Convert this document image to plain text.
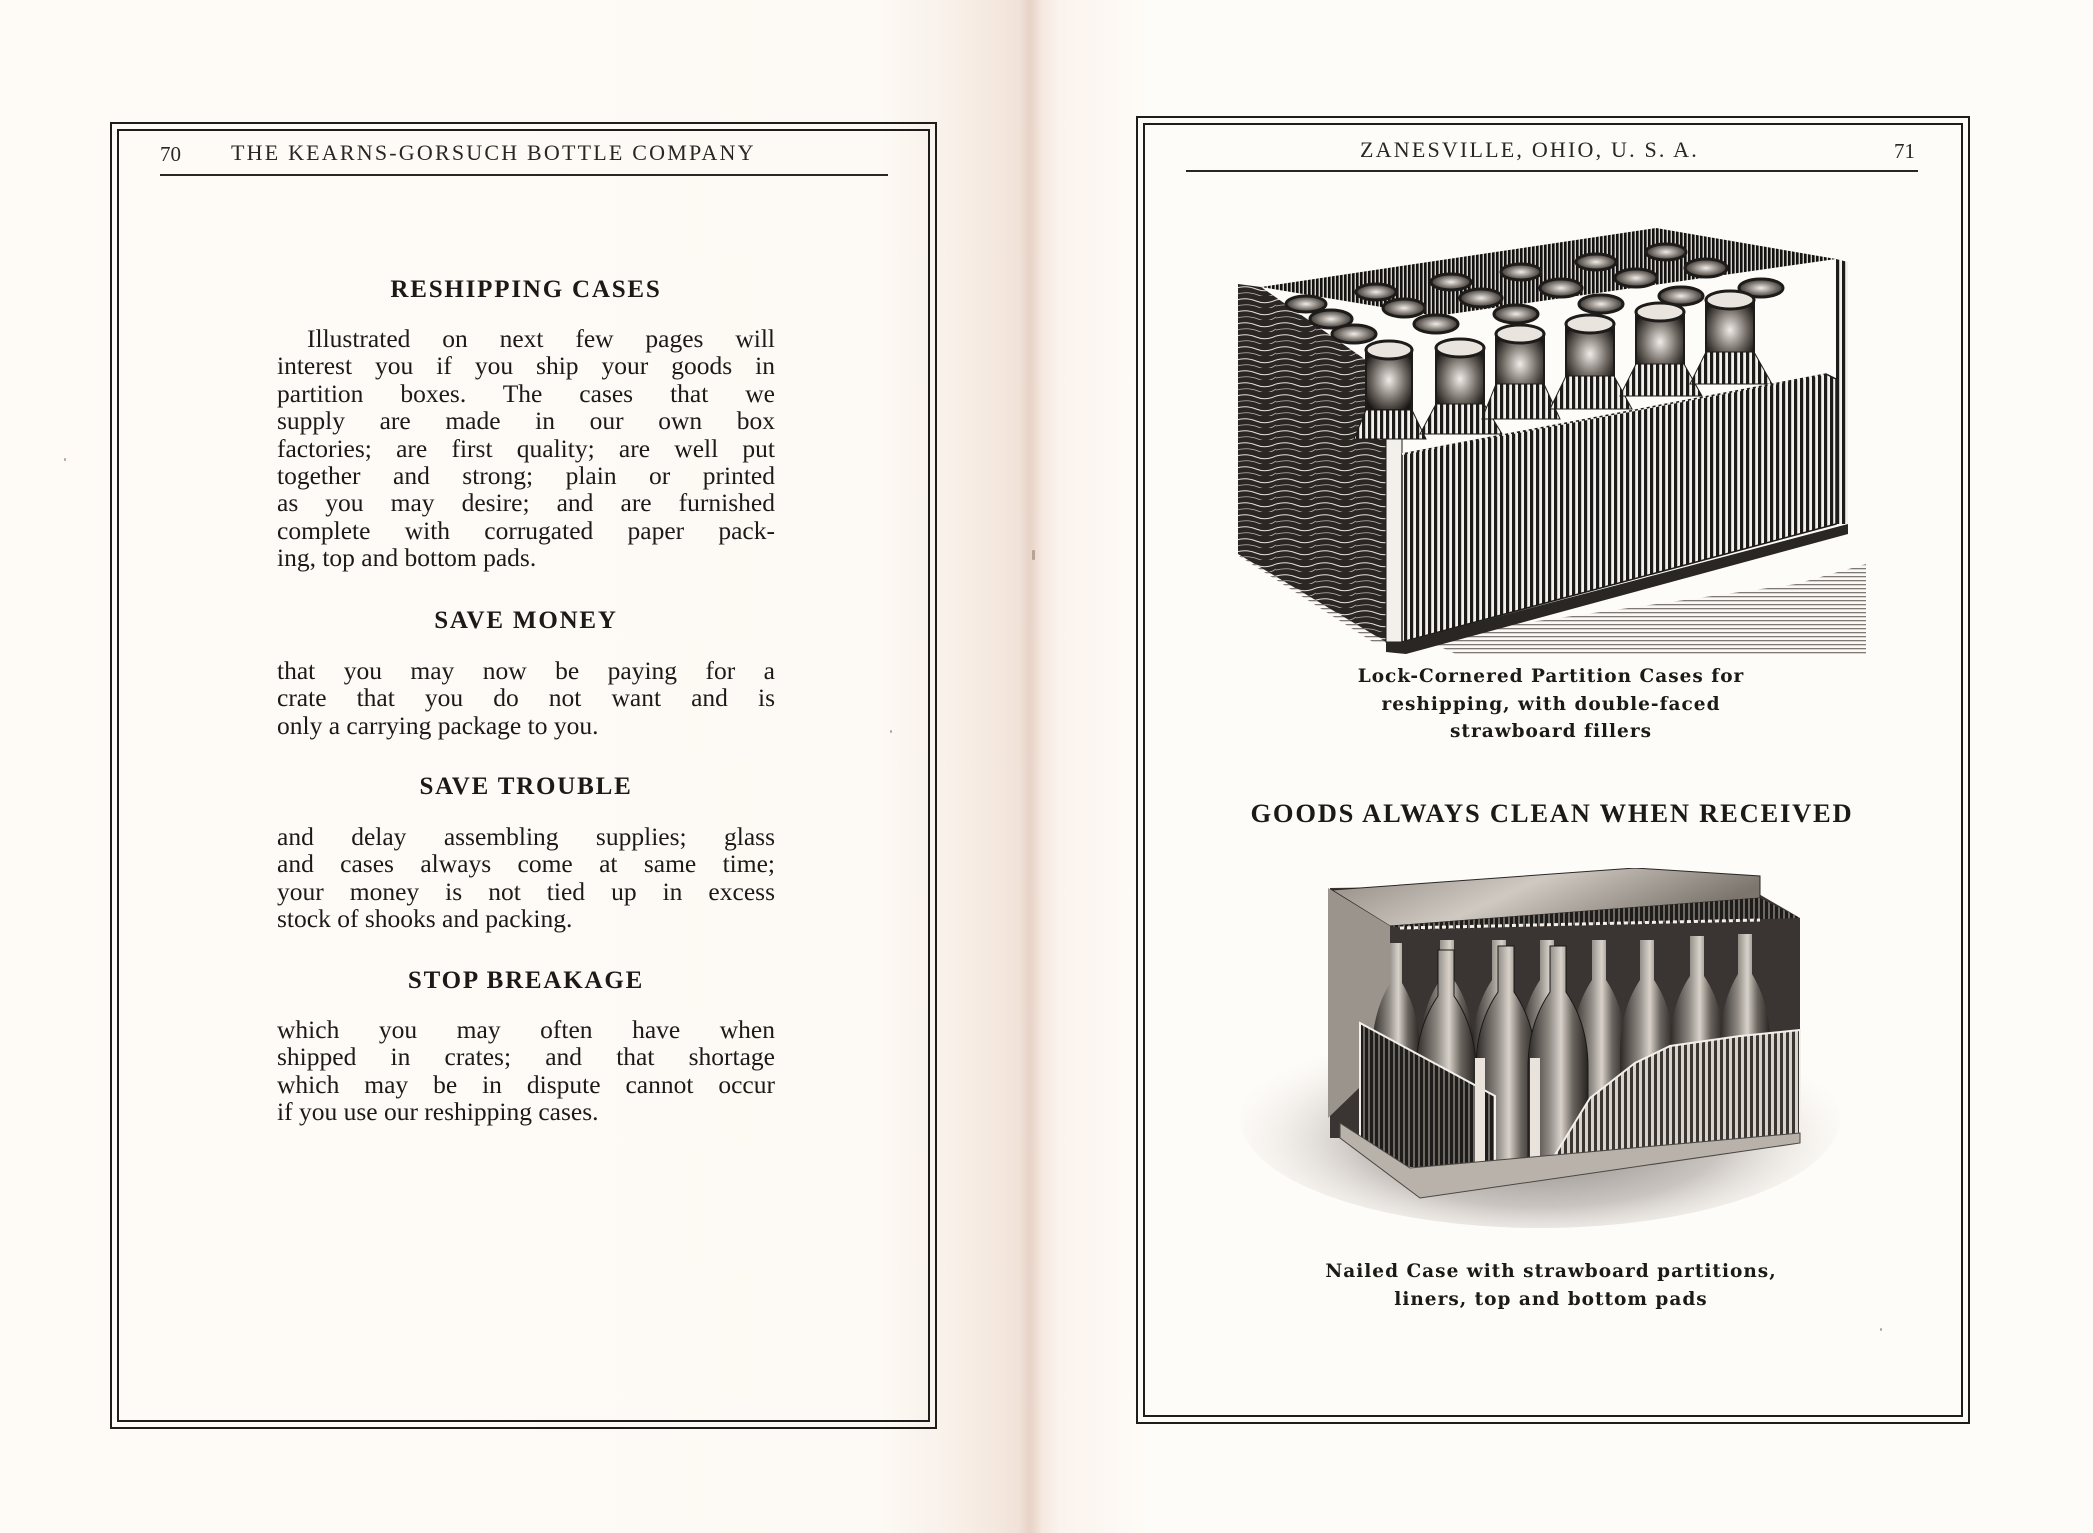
70 THE KEARNS-GORSUCH BOTTLE COMPANY
RESHIPPING CASES
Illustrated on next few pages will
interest you if you ship your goods in
partition boxes. The cases that we
supply are made in our own box
factories; are first quality; are well put
together and strong; plain or printed
as you may desire; and are furnished
complete with corrugated paper pack-
ing, top and bottom pads.
SAVE MONEY
that you may now be paying for a
crate that you do not want and is
only a carrying package to you.
SAVE TROUBLE
and delay assembling supplies; glass
and cases always come at same time;
your money is not tied up in excess
stock of shooks and packing.
STOP BREAKAGE
which you may often have when
shipped in crates; and that shortage
which may be in dispute cannot occur
if you use our reshipping cases.
ZANESVILLE, OHIO, U. S. A.	71
Lock-Cornered Partition Cases for
reshipping, with double-faced
strawboard fillers
GOODS ALWAYS CLEAN WHEN RECEIVED
Nailed Case with strawboard partitions,
liners, top and bottom pads
